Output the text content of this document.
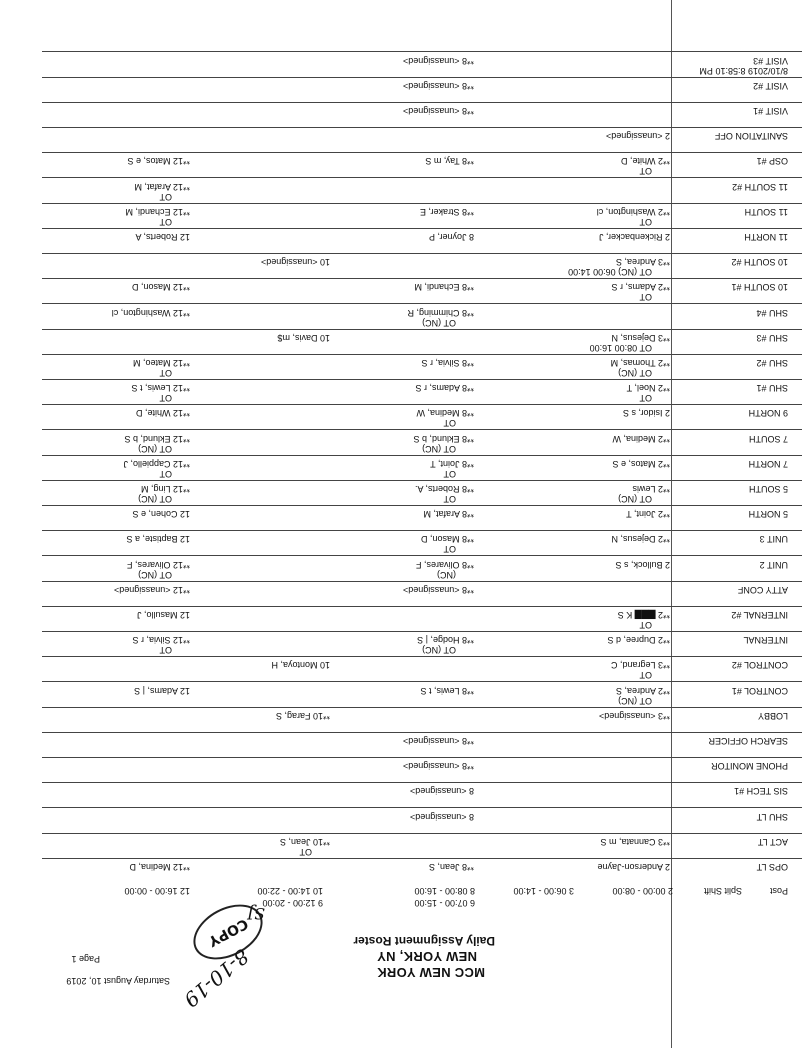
MCC NEW YORK
NEW YORK, NY
Daily Assignment Roster
Saturday August 10, 2019
Page 1
8/10/2019 8:58:10 PM
COPY
8-10-19
SJ
Post
Split Shift
2 00:00 - 08:00
3 06:00 - 14:00
6 07:00 - 15:00
8 08:00 - 16:00
9 12:00 - 20:00
10 14:00 - 22:00
12 16:00 - 00:00
OPS LT
2 Anderson-Jayne
**8 Jean, S
**12 Medina, D
ACT LT
**3 Cannata, m S
OT
**10 Jean, S
SHU LT
8 <unassigned>
SIS TECH #1
8 <unassigned>
PHONE MONITOR
**8 <unassigned>
SEARCH OFFICER
**8 <unassigned>
LOBBY
**3 <unassigned>
**10 Farag, S
CONTROL #1
OT (NC)
**2 Andrea, S
**8 Lewis, t S
12 Adams, | S
CONTROL #2
OT
**3 Legrand, C
10 Montoya, H
INTERNAL
**2 Dupree, d S
OT (NC)
**8 Hodge, | S
OT
**12 Silvia, r S
INTERNAL #2
OT
**2 ▇▇▇ K S
12 Masullo, J
ATTY CONF
**8 <unassigned>
**12 <unassigned>
UNIT 2
2 Bullock, s S
(NC)
**8 Olivares, F
OT (NC)
**12 Olivares, F
UNIT 3
**2 Dejesus, N
OT
**8 Mason, D
12 Baptiste, a S
5 NORTH
**2 Joint, T
**8 Arafat, M
12 Cohen, e S
5 SOUTH
OT (NC)
**2 Lewis
OT
**8 Roberts, A.
OT (NC)
**12 Ling, M
7 NORTH
**2 Matos, e S
OT
**8 Joint, T
OT
**12 Cappiello, J
7 SOUTH
**2 Medina, W
OT (NC)
**8 Eklund, b S
OT (NC)
**12 Eklund, b S
9 NORTH
2 Isidor, s S
OT
**8 Medina, W
**12 White, D
SHU #1
OT
**2 Noel, T
**8 Adams, r S
OT
**12 Lewis, t S
SHU #2
OT (NC)
**2 Thomas, M
**8 Silvia, r S
OT
**12 Mateo, M
SHU #3
OT 08:00 16:00
**3 Dejesus, N
10 Davis, m$
SHU #4
OT (NC)
**8 Chimming, R
**12 Washington, cl
10 SOUTH #1
OT
**2 Adams, r S
**8 Echandi, M
**12 Mason, D
10 SOUTH #2
OT (NC) 06:00 14:00
**3 Andrea, S
10 <unassigned>
11 NORTH
2 Rickenbacker, J
8 Joyner, P
12 Roberts, A
11 SOUTH
OT
**2 Washington, cl
**8 Straker, E
OT
**12 Echandi, M
11 SOUTH #2
OT
**12 Arafat, M
OSP #1
OT
**2 White, D
**8 Tay, m S
**12 Matos, e S
SANITATION OFF
2 <unassigned>
VISIT #1
**8 <unassigned>
VISIT #2
**8 <unassigned>
VISIT #3
**8 <unassigned>
